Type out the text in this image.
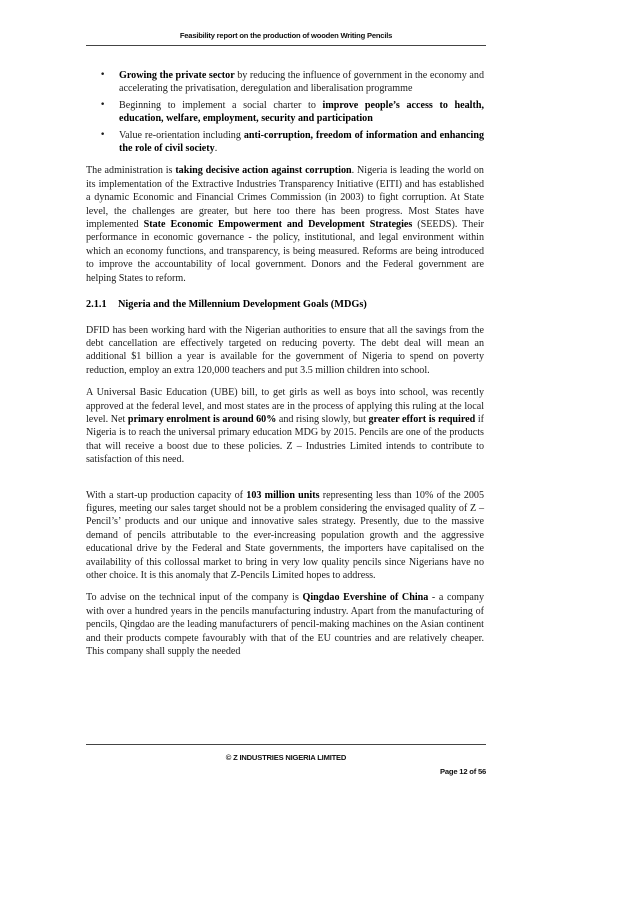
Feasibility report on the production of wooden Writing Pencils
• Growing the private sector by reducing the influence of government in the economy and accelerating the privatisation, deregulation and liberalisation programme
• Beginning to implement a social charter to improve people’s access to health, education, welfare, employment, security and participation
• Value re-orientation including anti-corruption, freedom of information and enhancing the role of civil society.

The administration is taking decisive action against corruption. Nigeria is leading the world on its implementation of the Extractive Industries Transparency Initiative (EITI) and has established a dynamic Economic and Financial Crimes Commission (in 2003) to fight corruption. At State level, the challenges are greater, but here too there has been progress. Most States have implemented State Economic Empowerment and Development Strategies (SEEDS). Their performance in economic governance - the policy, institutional, and legal environment within which an economy functions, and transparency, is being measured. Reforms are being introduced to improve the accountability of local government. Donors and the Federal government are helping States to reform.

2.1.1 Nigeria and the Millennium Development Goals (MDGs)

DFID has been working hard with the Nigerian authorities to ensure that all the savings from the debt cancellation are effectively targeted on reducing poverty. The debt deal will mean an additional $1 billion a year is available for the government of Nigeria to spend on poverty reduction, employ an extra 120,000 teachers and put 3.5 million children into school.

A Universal Basic Education (UBE) bill, to get girls as well as boys into school, was recently approved at the federal level, and most states are in the process of applying this ruling at the local level. Net primary enrolment is around 60% and rising slowly, but greater effort is required if Nigeria is to reach the universal primary education MDG by 2015. Pencils are one of the products that will receive a boost due to these policies. Z – Industries Limited intends to contribute to satisfaction of this need.

With a start-up production capacity of 103 million units representing less than 10% of the 2005 figures, meeting our sales target should not be a problem considering the envisaged quality of Z –Pencil’s’ products and our unique and innovative sales strategy. Presently, due to the massive demand of pencils attributable to the ever-increasing population growth and the aggressive educational drive by the Federal and State governments, the importers have capitalised on the availability of this collossal market to bring in very low quality pencils since Nigerians have no other choice. It is this anomaly that Z-Pencils Limited hopes to address.

To advise on the technical input of the company is Qingdao Evershine of China - a company with over a hundred years in the pencils manufacturing industry. Apart from the manufacturing of pencils, Qingdao are the leading manufacturers of pencil-making machines on the Asian continent and their products compete favourably with that of the EU countries and are relatively cheaper. This company shall supply the needed

© Z INDUSTRIES NIGERIA LIMITED
Page 12 of 56
